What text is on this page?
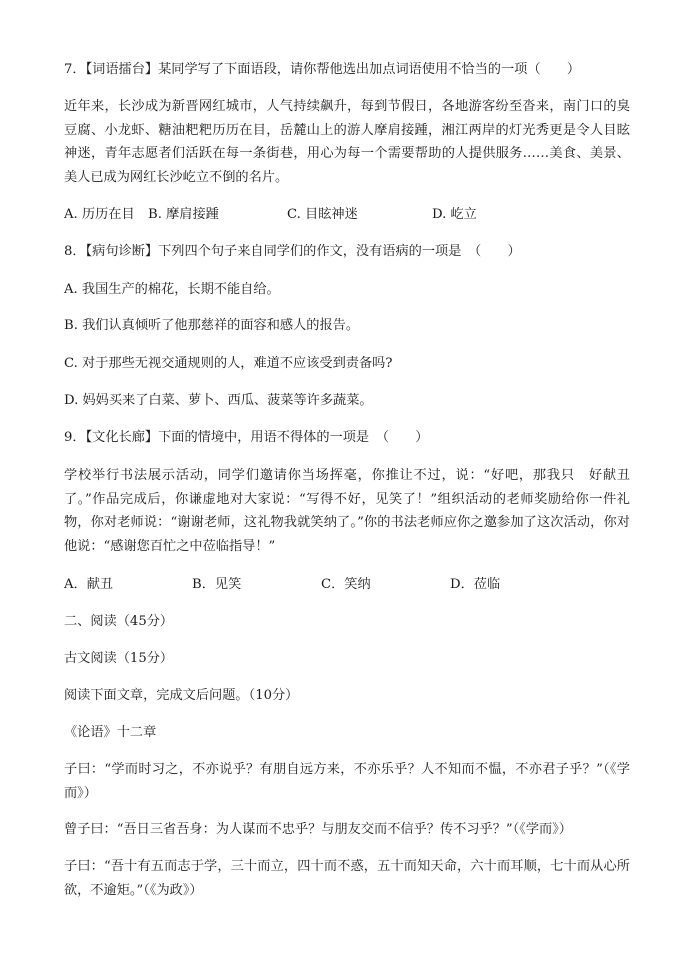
7．【词语擂台】某同学写了下面语段，请你帮他选出加点词语使用不恰当的一项（　　）
近年来，长沙成为新晋网红城市，人气持续飙升，每到节假日，各地游客纷至沓来，南门口的臭豆腐、小龙虾、糖油粑粑历历在目，岳麓山上的游人摩肩接踵，湘江两岸的灯光秀更是令人目眩神迷，青年志愿者们活跃在每一条街巷，用心为每一个需要帮助的人提供服务……美食、美景、美人已成为网红长沙屹立不倒的名片。
A. 历历在目 B. 摩肩接踵	C. 目眩神迷	D. 屹立
8．【病句诊断】下列四个句子来自同学们的作文，没有语病的一项是　（　　）
A. 我国生产的棉花，长期不能自给。
B. 我们认真倾听了他那慈祥的面容和感人的报告。
C. 对于那些无视交通规则的人，难道不应该受到责备吗?
D. 妈妈买来了白菜、萝卜、西瓜、菠菜等许多蔬菜。
9．【文化长廊】下面的情境中，用语不得体的一项是　（　　）
学校举行书法展示活动，同学们邀请你当场挥毫，你推让不过，说：“好吧，那我只　好献丑了。”作品完成后，你谦虚地对大家说：“写得不好，见笑了！”组织活动的老师奖励给你一件礼物，你对老师说：“谢谢老师，这礼物我就笑纳了。”你的书法老师应你之邀参加了这次活动，你对他说：“感谢您百忙之中莅临指导！”
A．献丑	B．见笑	C．笑纳	D．莅临
二、阅读（45分）
古文阅读（15分）
阅读下面文章，完成文后问题。（10分）
《论语》十二章
子曰：“学而时习之，不亦说乎？有朋自远方来，不亦乐乎？人不知而不愠，不亦君子乎？”（《学而》）
曾子曰：“吾日三省吾身：为人谋而不忠乎？与朋友交而不信乎？传不习乎？”（《学而》）
子曰：“吾十有五而志于学，三十而立，四十而不惑，五十而知天命，六十而耳顺，七十而从心所欲，不逾矩。”（《为政》）
